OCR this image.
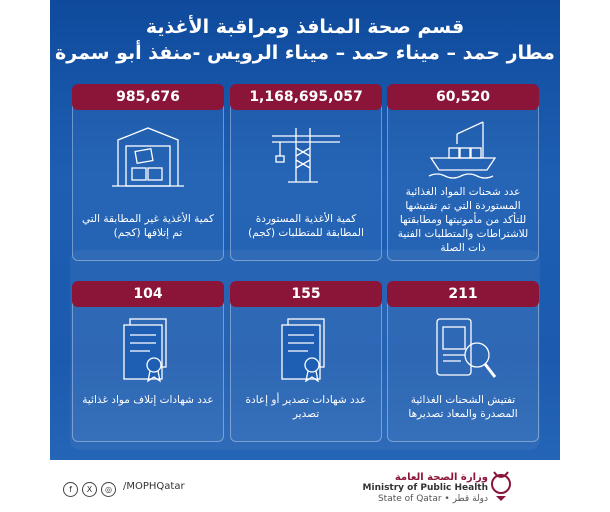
قسم صحة المنافذ ومراقبة الأغذية
مطار حمد – ميناء حمد – ميناء الرويس -منفذ أبو سمرة
60,520
عدد شحنات المواد الغذائية المستوردة التي تم تفتيشها للتأكد من مأمونيتها ومطابقتها للاشتراطات والمتطلبات الفنية ذات الصلة
1,168,695,057
كمية الأغذية المستوردة المطابقة للمتطلبات (كجم)
985,676
كمية الأغذية غير المطابقة التي تم إتلافها (كجم)
211
تفتيش الشحنات الغذائية المصدرة والمعاد تصديرها
155
عدد شهادات تصدير أو إعادة تصدير
104
عدد شهادات إتلاف مواد غذائية
f	X	◎	/MOPHQatar
وزارة الصحة العامة
Ministry of Public Health
State of Qatar • دولة قطر
